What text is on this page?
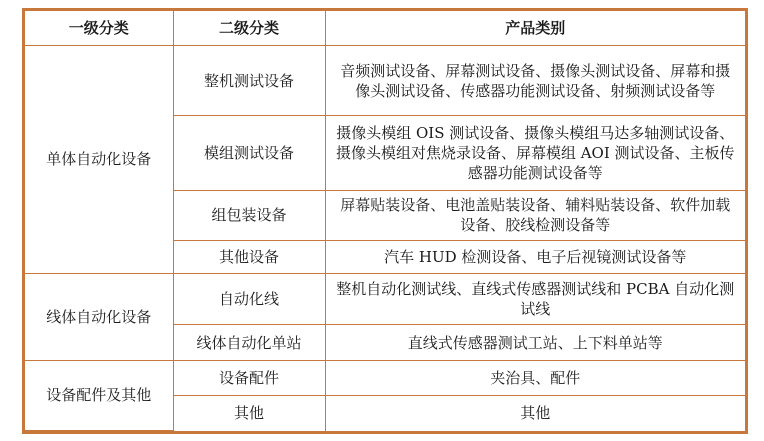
一级分类	二级分类	产品类别
单体自动化设备	整机测试设备	音频测试设备、屏幕测试设备、摄像头测试设备、屏幕和摄像头测试设备、传感器功能测试设备、射频测试设备等
	模组测试设备	摄像头模组 OIS 测试设备、摄像头模组马达多轴测试设备、摄像头模组对焦烧录设备、屏幕模组 AOI 测试设备、主板传感器功能测试设备等
	组包装设备	屏幕贴装设备、电池盖贴装设备、辅料贴装设备、软件加载设备、胶线检测设备等
	其他设备	汽车 HUD 检测设备、电子后视镜测试设备等
线体自动化设备	自动化线	整机自动化测试线、直线式传感器测试线和 PCBA 自动化测试线
	线体自动化单站	直线式传感器测试工站、上下料单站等
设备配件及其他	设备配件	夹治具、配件
	其他	其他
